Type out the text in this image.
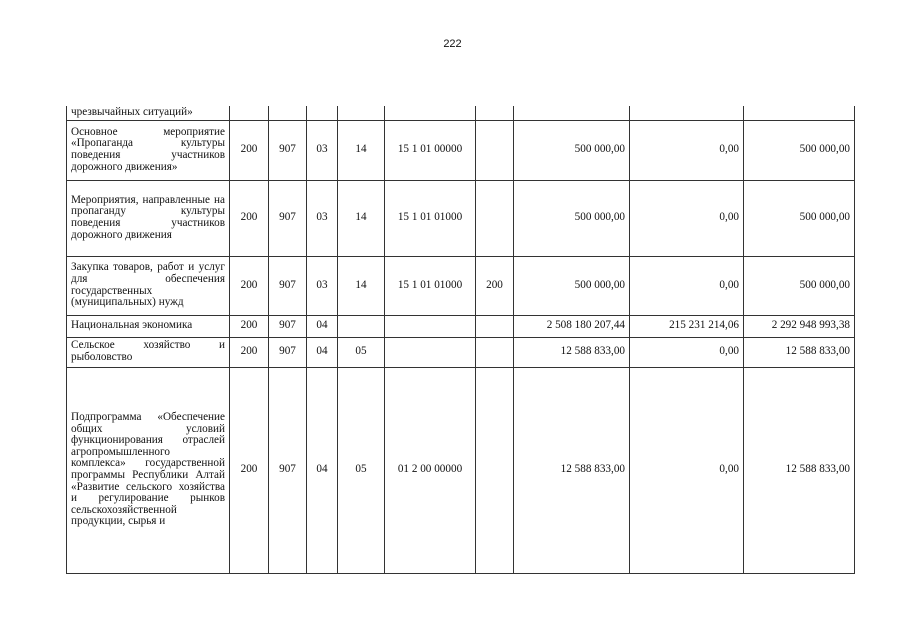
222
чрезвычайных ситуаций»									
Основное мероприятие «Пропаганда культуры поведения участников дорожного движения»	200	907	03	14	15 1 01 00000		500 000,00	0,00	500 000,00
Мероприятия, направленные на пропаганду культуры поведения участников дорожного движения	200	907	03	14	15 1 01 01000		500 000,00	0,00	500 000,00
Закупка товаров, работ и услуг для обеспечения государственных (муниципальных) нужд	200	907	03	14	15 1 01 01000	200	500 000,00	0,00	500 000,00
Национальная экономика	200	907	04				2 508 180 207,44	215 231 214,06	2 292 948 993,38
Сельское хозяйство и рыболовство	200	907	04	05			12 588 833,00	0,00	12 588 833,00
Подпрограмма «Обеспечение общих условий функционирования отраслей агропромышленного комплекса» государственной программы Республики Алтай «Развитие сельского хозяйства и регулирование рынков сельскохозяйственной продукции, сырья и	200	907	04	05	01 2 00 00000		12 588 833,00	0,00	12 588 833,00
